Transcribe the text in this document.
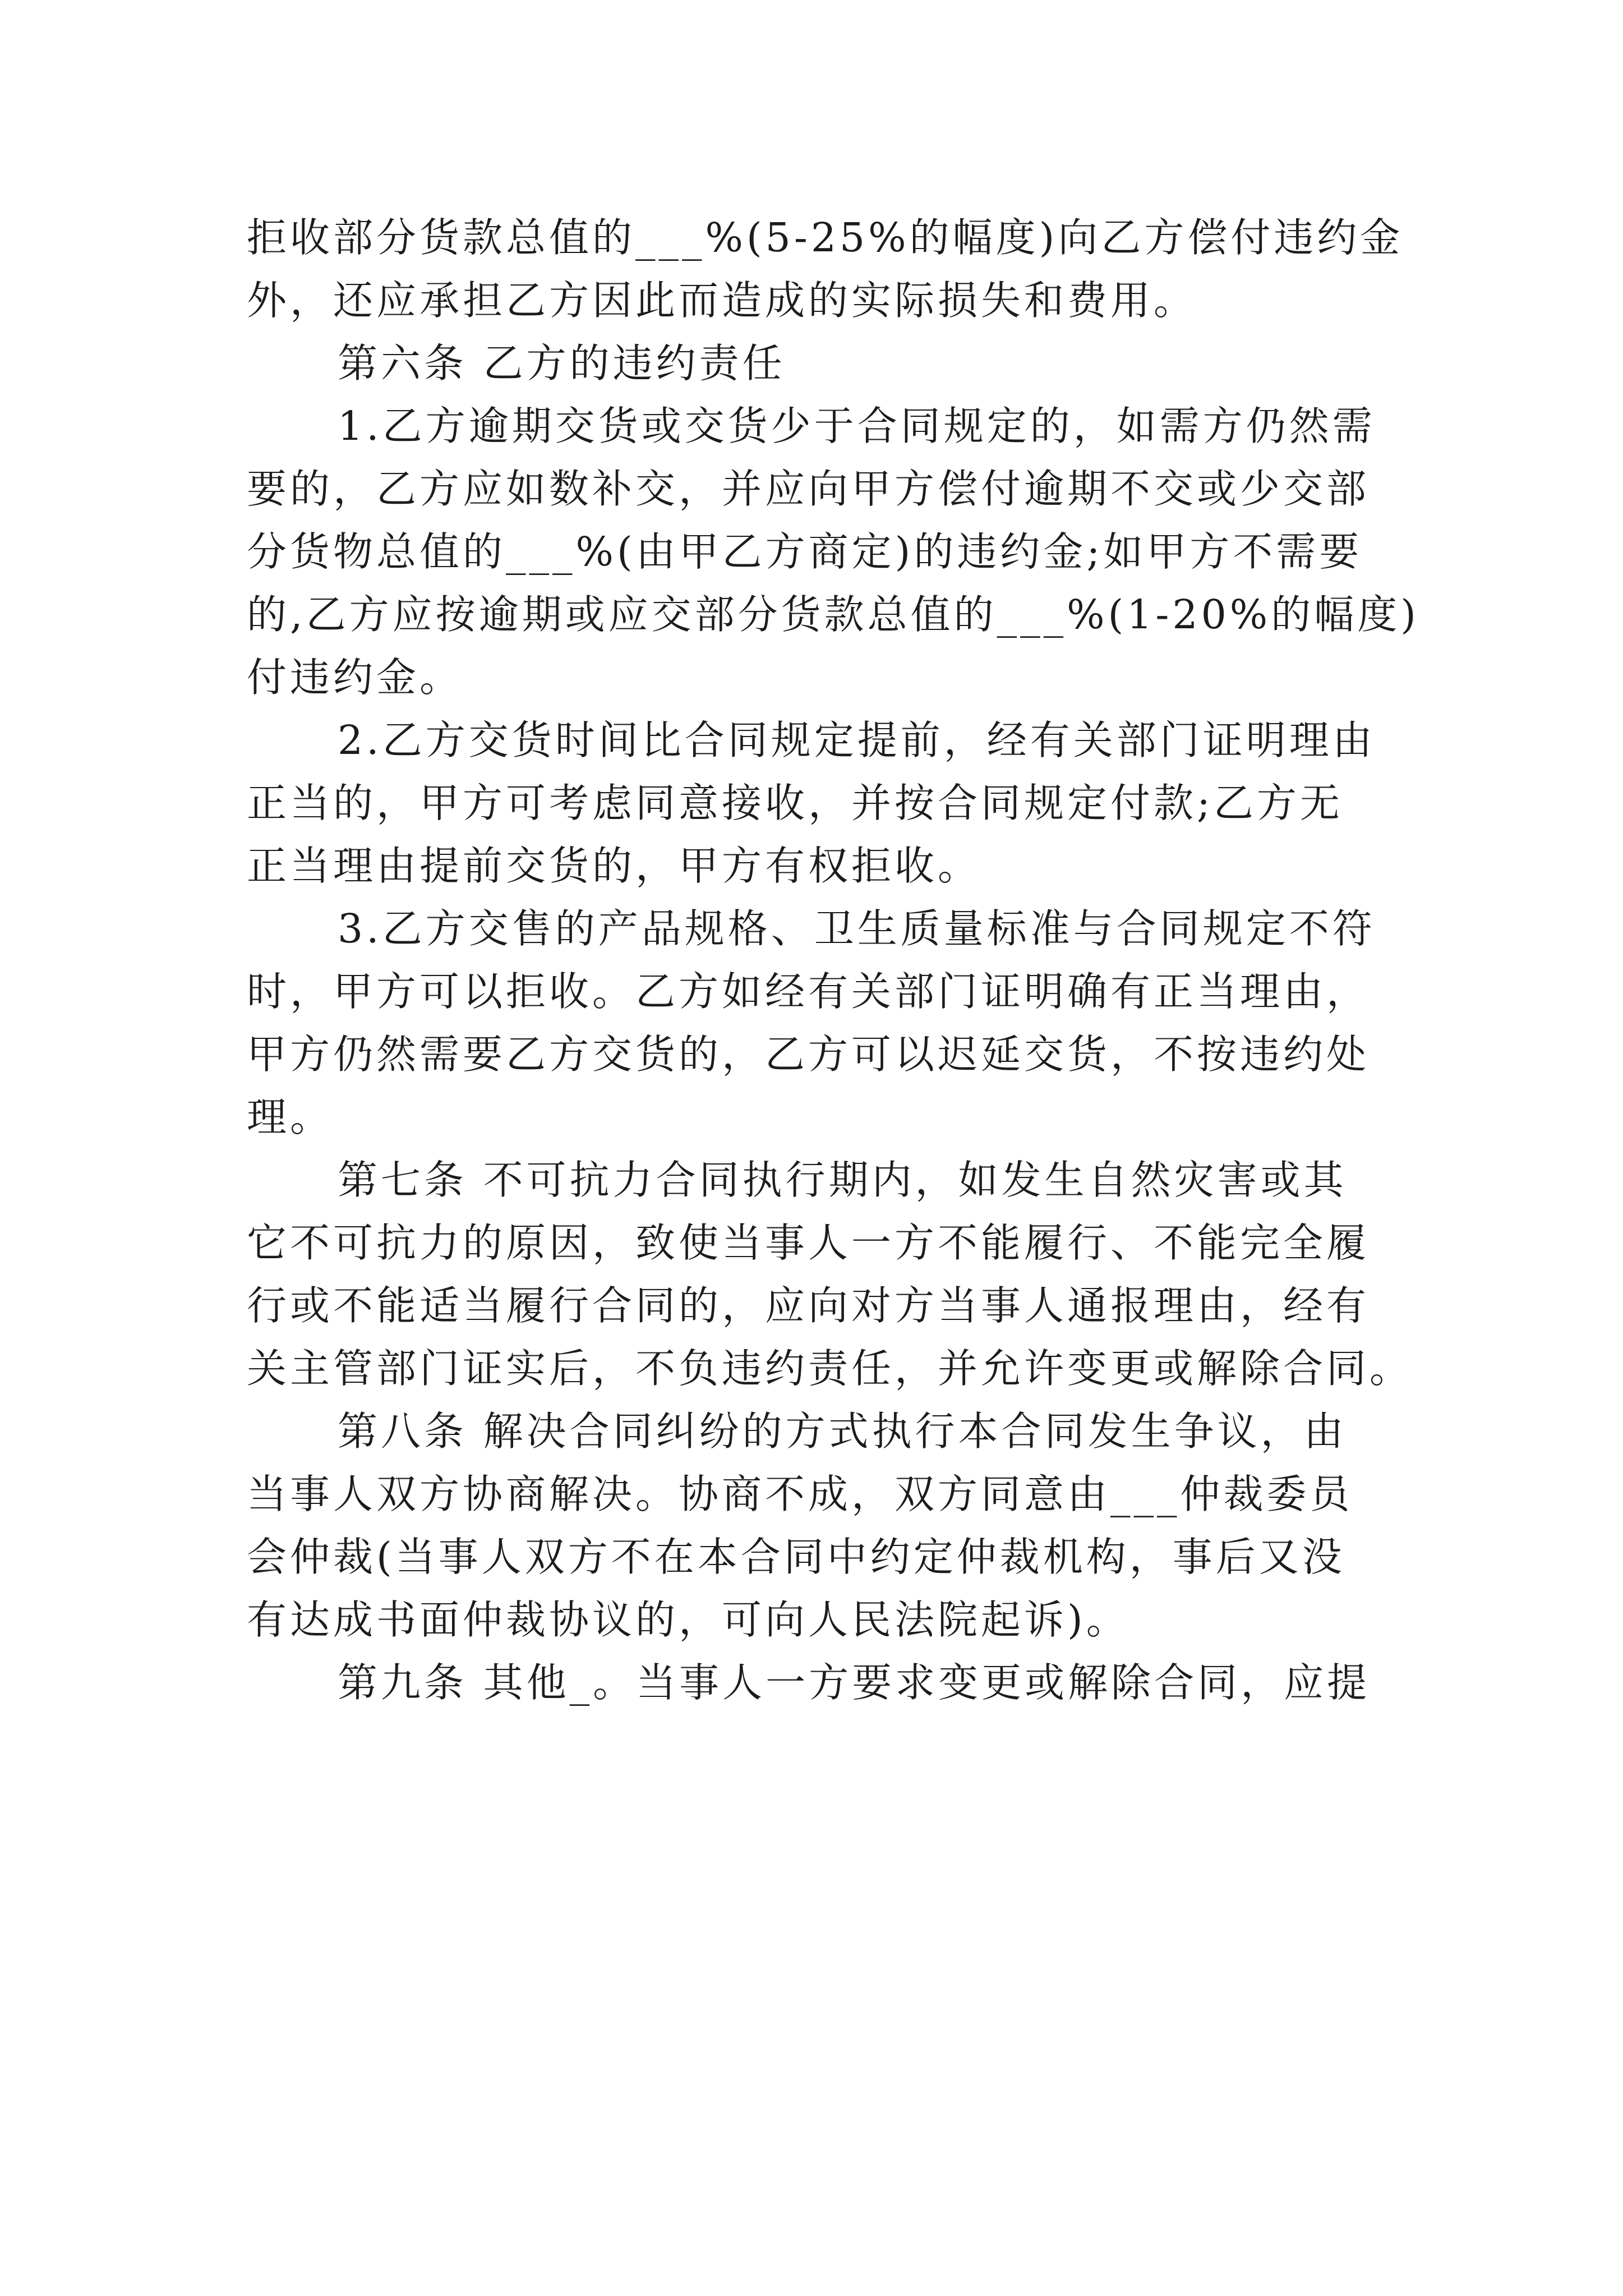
拒收部分货款总值的___%(5-25%的幅度)向乙方偿付违约金
外，还应承担乙方因此而造成的实际损失和费用。
第六条 乙方的违约责任
1.乙方逾期交货或交货少于合同规定的，如需方仍然需
要的，乙方应如数补交，并应向甲方偿付逾期不交或少交部
分货物总值的___%(由甲乙方商定)的违约金;如甲方不需要
的,乙方应按逾期或应交部分货款总值的___%(1-20%的幅度)
付违约金。
2.乙方交货时间比合同规定提前，经有关部门证明理由
正当的，甲方可考虑同意接收，并按合同规定付款;乙方无
正当理由提前交货的，甲方有权拒收。
3.乙方交售的产品规格、卫生质量标准与合同规定不符
时，甲方可以拒收。乙方如经有关部门证明确有正当理由，
甲方仍然需要乙方交货的，乙方可以迟延交货，不按违约处
理。
第七条 不可抗力合同执行期内，如发生自然灾害或其
它不可抗力的原因，致使当事人一方不能履行、不能完全履
行或不能适当履行合同的，应向对方当事人通报理由，经有
关主管部门证实后，不负违约责任，并允许变更或解除合同。
第八条 解决合同纠纷的方式执行本合同发生争议，由
当事人双方协商解决。协商不成，双方同意由___仲裁委员
会仲裁(当事人双方不在本合同中约定仲裁机构，事后又没
有达成书面仲裁协议的，可向人民法院起诉)。
第九条 其他_。当事人一方要求变更或解除合同，应提
